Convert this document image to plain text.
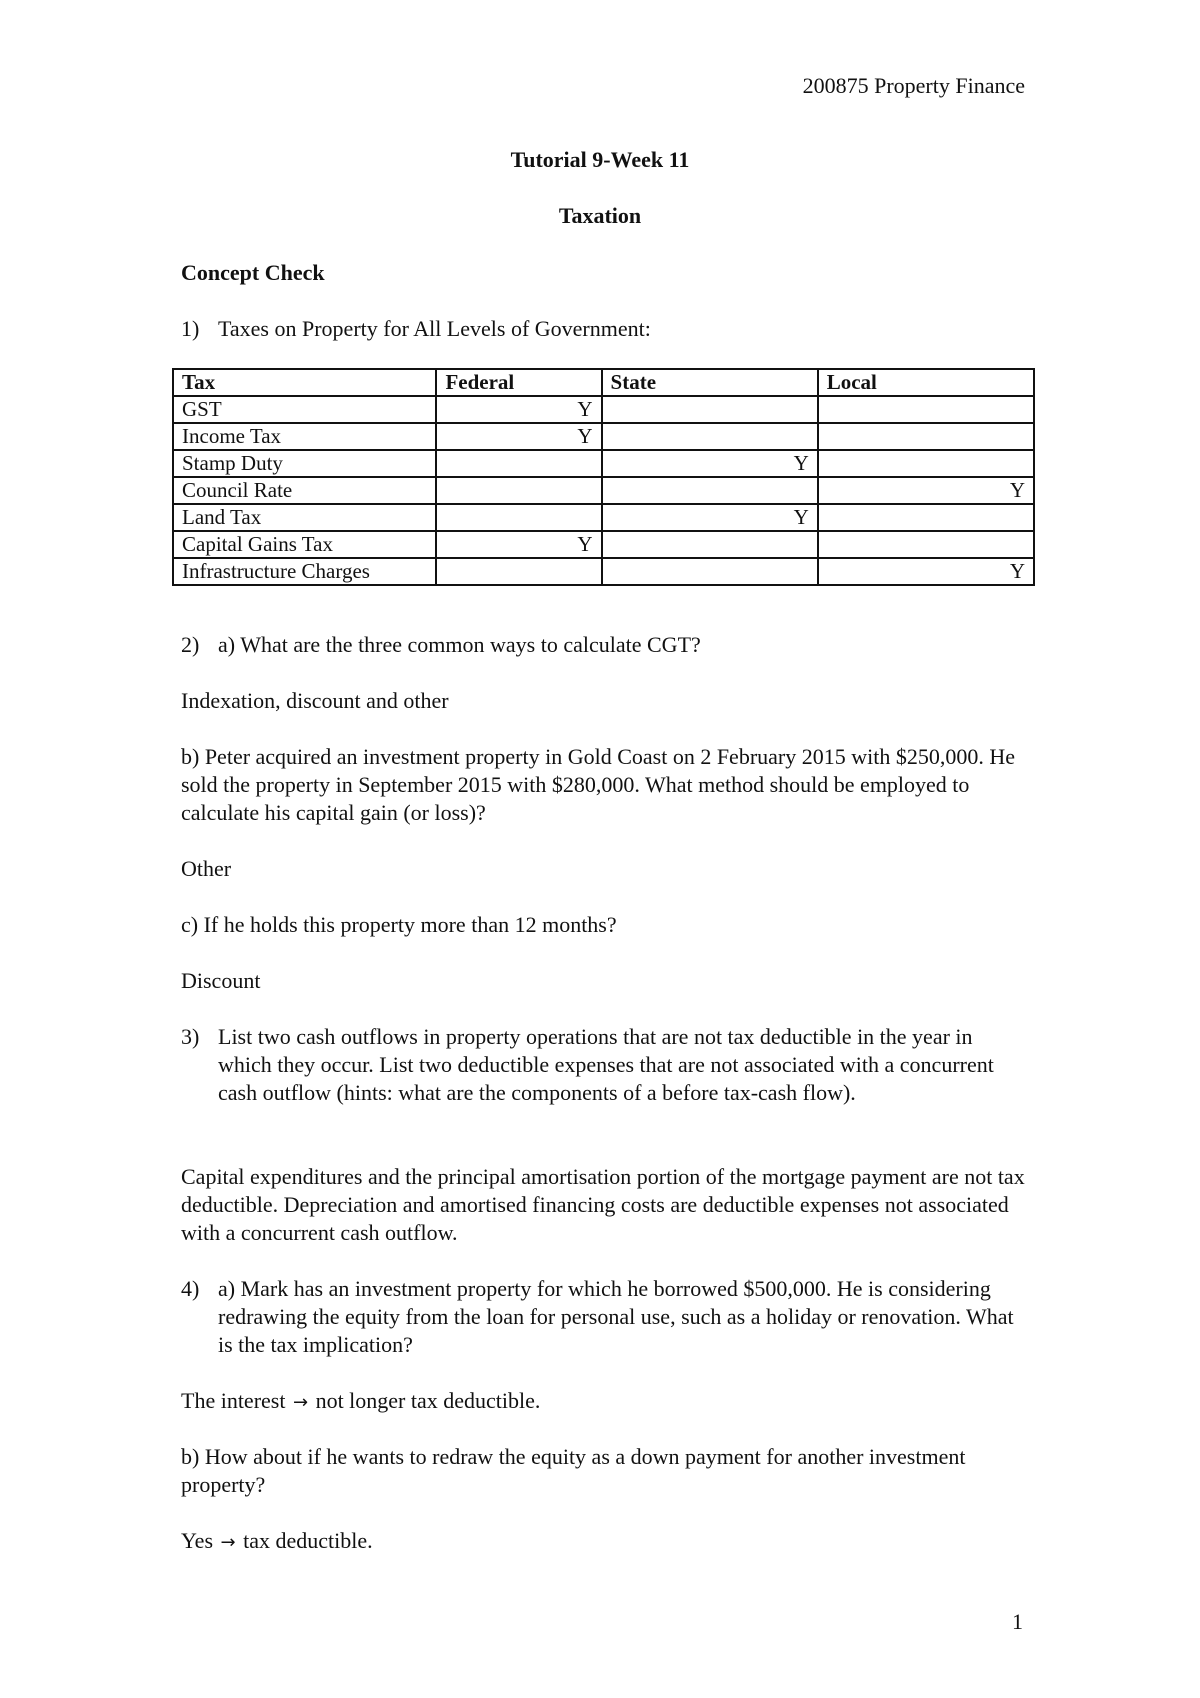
200875 Property Finance
Tutorial 9-Week 11
Taxation
Concept Check
1) Taxes on Property for All Levels of Government:
Tax	Federal	State	Local
GST	Y		
Income Tax	Y		
Stamp Duty		Y	
Council Rate			Y
Land Tax		Y	
Capital Gains Tax	Y		
Infrastructure Charges			Y
2) a) What are the three common ways to calculate CGT?
Indexation, discount and other
b) Peter acquired an investment property in Gold Coast on 2 February 2015 with $250,000. He sold the property in September 2015 with $280,000. What method should be employed to calculate his capital gain (or loss)?
Other
c) If he holds this property more than 12 months?
Discount
3) List two cash outflows in property operations that are not tax deductible in the year in which they occur. List two deductible expenses that are not associated with a concurrent cash outflow (hints: what are the components of a before tax-cash flow).
Capital expenditures and the principal amortisation portion of the mortgage payment are not tax deductible. Depreciation and amortised financing costs are deductible expenses not associated with a concurrent cash outflow.
4) a) Mark has an investment property for which he borrowed $500,000. He is considering redrawing the equity from the loan for personal use, such as a holiday or renovation. What is the tax implication?
The interest → not longer tax deductible.
b) How about if he wants to redraw the equity as a down payment for another investment property?
Yes → tax deductible.
1
